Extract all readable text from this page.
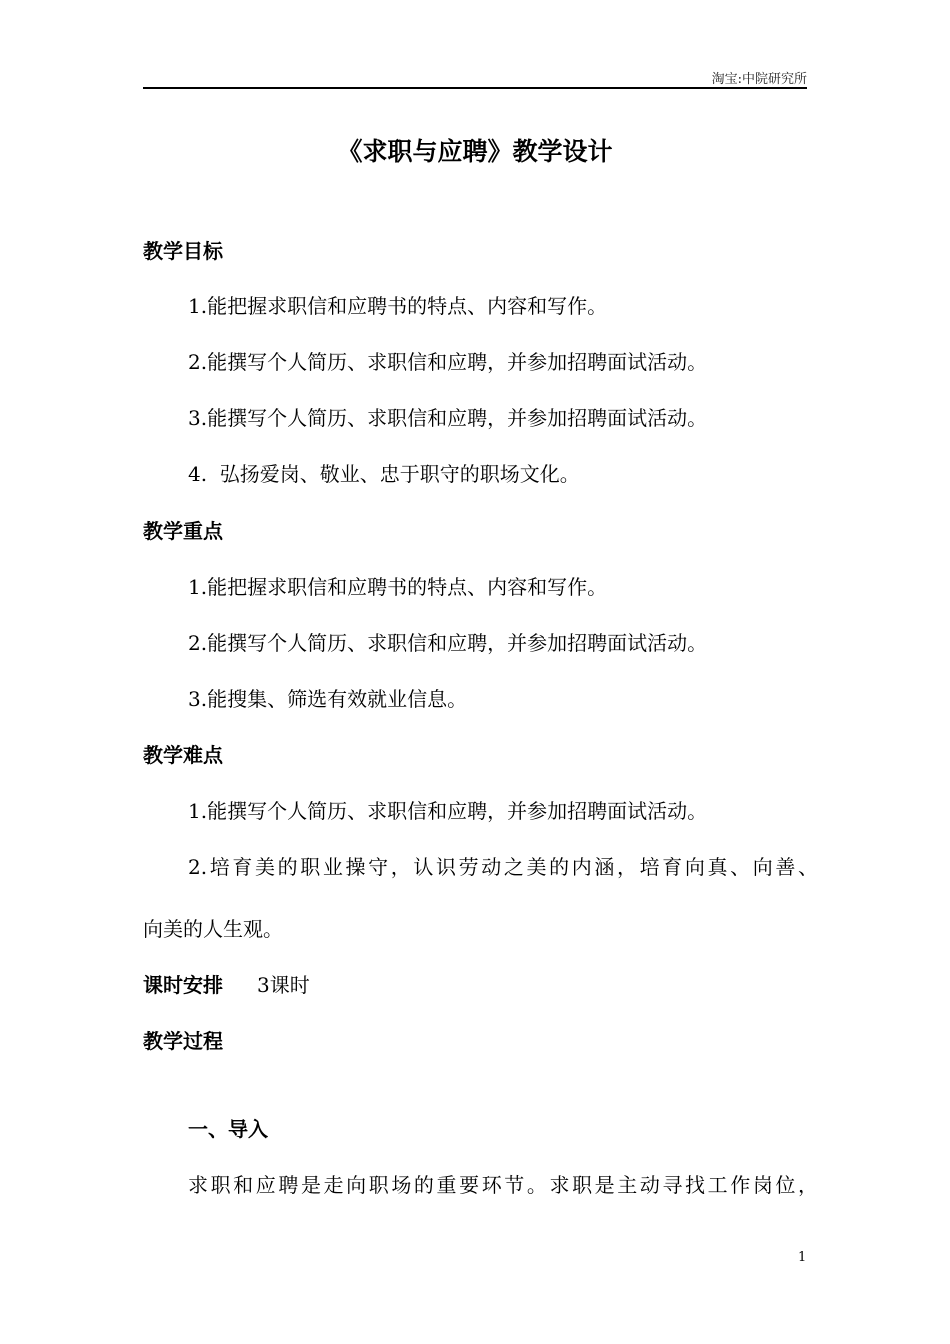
淘宝:中院研究所
《求职与应聘》教学设计
教学目标
1.能把握求职信和应聘书的特点、内容和写作。
2.能撰写个人简历、求职信和应聘，并参加招聘面试活动。
3.能撰写个人简历、求职信和应聘，并参加招聘面试活动。
4.  弘扬爱岗、敬业、忠于职守的职场文化。
教学重点
1.能把握求职信和应聘书的特点、内容和写作。
2.能撰写个人简历、求职信和应聘，并参加招聘面试活动。
3.能搜集、筛选有效就业信息。
教学难点
1.能撰写个人简历、求职信和应聘，并参加招聘面试活动。
2.培育美的职业操守，认识劳动之美的内涵，培育向真、向善、
向美的人生观。
课时安排 3课时
教学过程
一、导入
求职和应聘是走向职场的重要环节。求职是主动寻找工作岗位，
1
